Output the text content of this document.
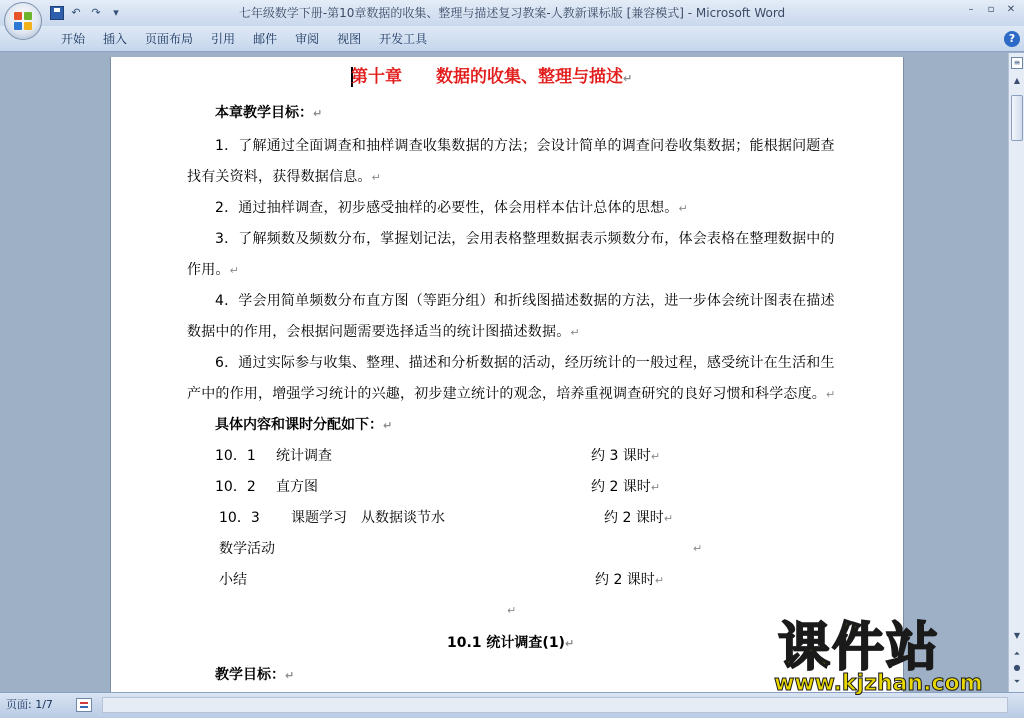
七年级数学下册-第10章数据的收集、整理与描述复习教案-人教新课标版 [兼容模式] - Microsoft Word
↶ ↷	▾	–	▫	✕
开始	插入	页面布局	引用	邮件	审阅	视图	开发工具	?
第十章 数据的收集、整理与描述↵
本章教学目标：↵
1．了解通过全面调查和抽样调查收集数据的方法；会设计简单的调查问卷收集数据；能根据问题查找有关资料，获得数据信息。↵
2．通过抽样调查，初步感受抽样的必要性，体会用样本估计总体的思想。↵
3．了解频数及频数分布，掌握划记法，会用表格整理数据表示频数分布，体会表格在整理数据中的作用。↵
4．学会用简单频数分布直方图（等距分组）和折线图描述数据的方法，进一步体会统计图表在描述数据中的作用，会根据问题需要选择适当的统计图描述数据。↵
6．通过实际参与收集、整理、描述和分析数据的活动，经历统计的一般过程，感受统计在生活和生产中的作用，增强学习统计的兴趣，初步建立统计的观念，培养重视调查研究的良好习惯和科学态度。↵
具体内容和课时分配如下：↵
10．1 统计调查	约 3 课时↵
10．2 直方图	约 2 课时↵
10．3 课题学习　从数据谈节水	约 2 课时↵
数学活动	↵
小结	约 2 课时↵
↵
10.1 统计调查(1)↵
教学目标：↵
≡
▲
▼
⏶
●
⏷
页面: 1/7
课件站
www.kjzhan.com
